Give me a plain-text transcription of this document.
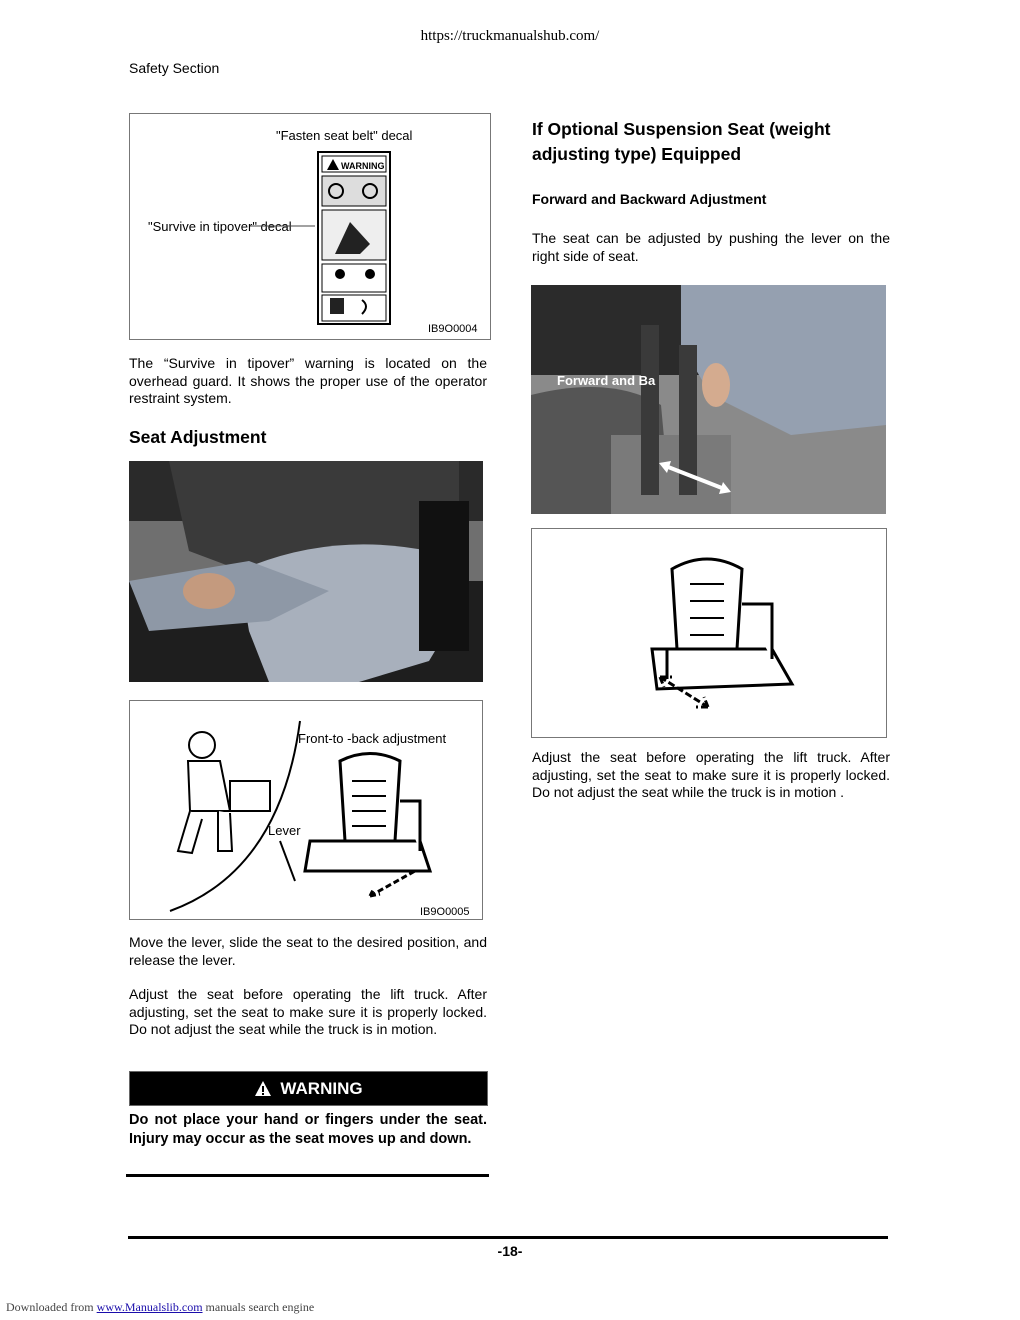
https://truckmanualshub.com/
Safety Section
"Fasten seat belt" decal
"Survive in tipover" decal
WARNING
IB9O0004
The “Survive in tipover” warning is located on the overhead guard. It shows the proper use of the operator restraint system.
Seat Adjustment
Front-to -back adjustment
Lever
IB9O0005
Move the lever, slide the seat to the desired position, and release the lever.
Adjust the seat before operating the lift truck. After adjusting, set the seat to make sure it is properly locked. Do not adjust the seat while the truck is in motion.
WARNING
Do not place your hand or fingers under the seat. Injury may occur as the seat moves up and down.
If Optional Suspension Seat (weight adjusting type) Equipped
Forward and Backward Adjustment
The seat can be adjusted by pushing the lever on the right side of seat.
Forward and Ba
Adjust the seat before operating the lift truck. After adjusting, set the seat to make sure it is properly locked. Do not adjust the seat while the truck is in motion .
-18-
Downloaded from www.Manualslib.com manuals search engine
